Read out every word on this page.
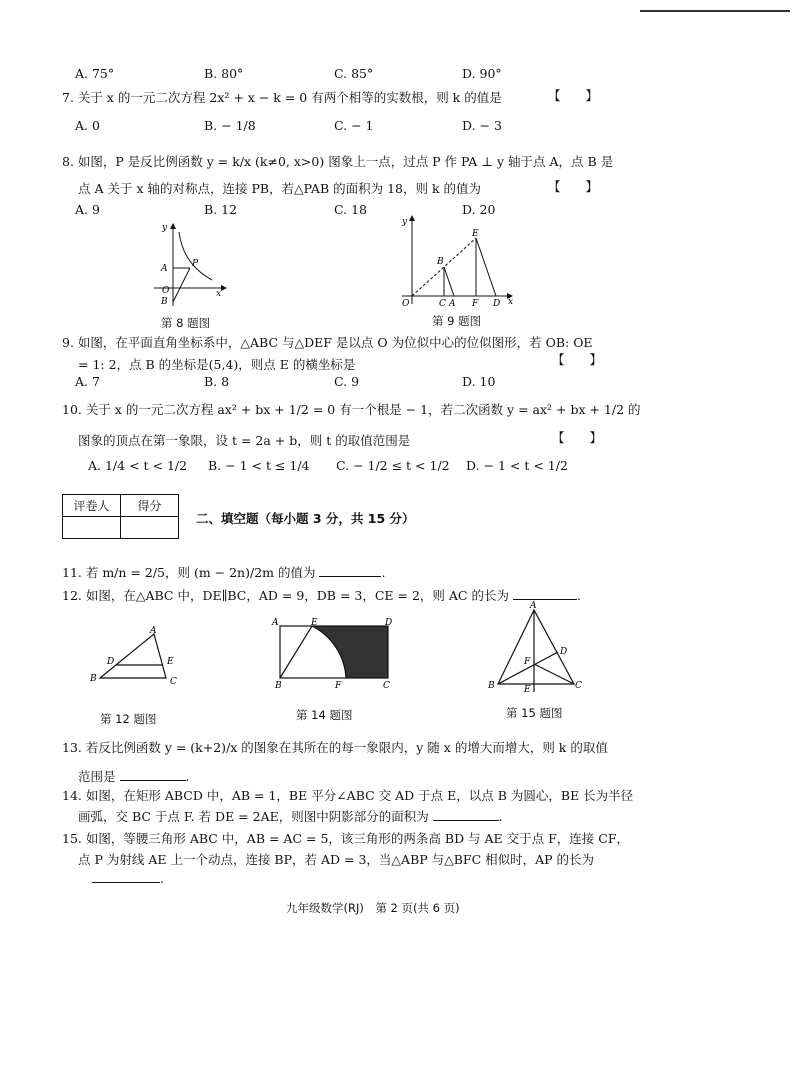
A. 75°	B. 80°	C. 85°	D. 90°
7. 关于 x 的一元二次方程 2x² + x − k = 0 有两个相等的实数根，则 k 的值是	【　　】
A. 0	B. − 1/8	C. − 1	D. − 3
8. 如图，P 是反比例函数 y = k/x (k≠0, x>0) 图象上一点，过点 P 作 PA ⊥ y 轴于点 A，点 B 是
点 A 关于 x 轴的对称点，连接 PB，若△PAB 的面积为 18，则 k 的值为	【　　】
A. 9	B. 12	C. 18	D. 20
y
A	P
O
B
x
第 8 题图
y
E
B
O	C A F D x
第 9 题图
9. 如图，在平面直角坐标系中，△ABC 与△DEF 是以点 O 为位似中心的位似图形，若 OB: OE
= 1: 2，点 B 的坐标是(5,4)，则点 E 的横坐标是	【　　】
A. 7	B. 8	C. 9	D. 10
10. 关于 x 的一元二次方程 ax² + bx + 1/2 = 0 有一个根是 − 1，若二次函数 y = ax² + bx + 1/2 的
图象的顶点在第一象限，设 t = 2a + b，则 t 的取值范围是	【　　】
A. 1/4 < t < 1/2 B. − 1 < t ≤ 1/4 C. − 1/2 ≤ t < 1/2 D. − 1 < t < 1/2
评卷人	得分

二、填空题（每小题 3 分，共 15 分）
11. 若 m/n = 2/5，则 (m − 2n)/2m 的值为	.
12. 如图，在△ABC 中，DE∥BC，AD = 9，DB = 3，CE = 2，则 AC 的长为	.
A
D	E
B	C
第 12 题图
A	E	D
B	F	C
第 14 题图
A
D
F
B	E	C
第 15 题图
13. 若反比例函数 y = (k+2)/x 的图象在其所在的每一象限内，y 随 x 的增大而增大，则 k 的取值
范围是	.
14. 如图，在矩形 ABCD 中，AB = 1，BE 平分∠ABC 交 AD 于点 E，以点 B 为圆心，BE 长为半径
画弧，交 BC 于点 F. 若 DE = 2AE，则图中阴影部分的面积为	.
15. 如图，等腰三角形 ABC 中，AB = AC = 5，该三角形的两条高 BD 与 AE 交于点 F，连接 CF，
点 P 为射线 AE 上一个动点，连接 BP，若 AD = 3，当△ABP 与△BFC 相似时，AP 的长为
.
九年级数学(RJ)　第 2 页(共 6 页)
